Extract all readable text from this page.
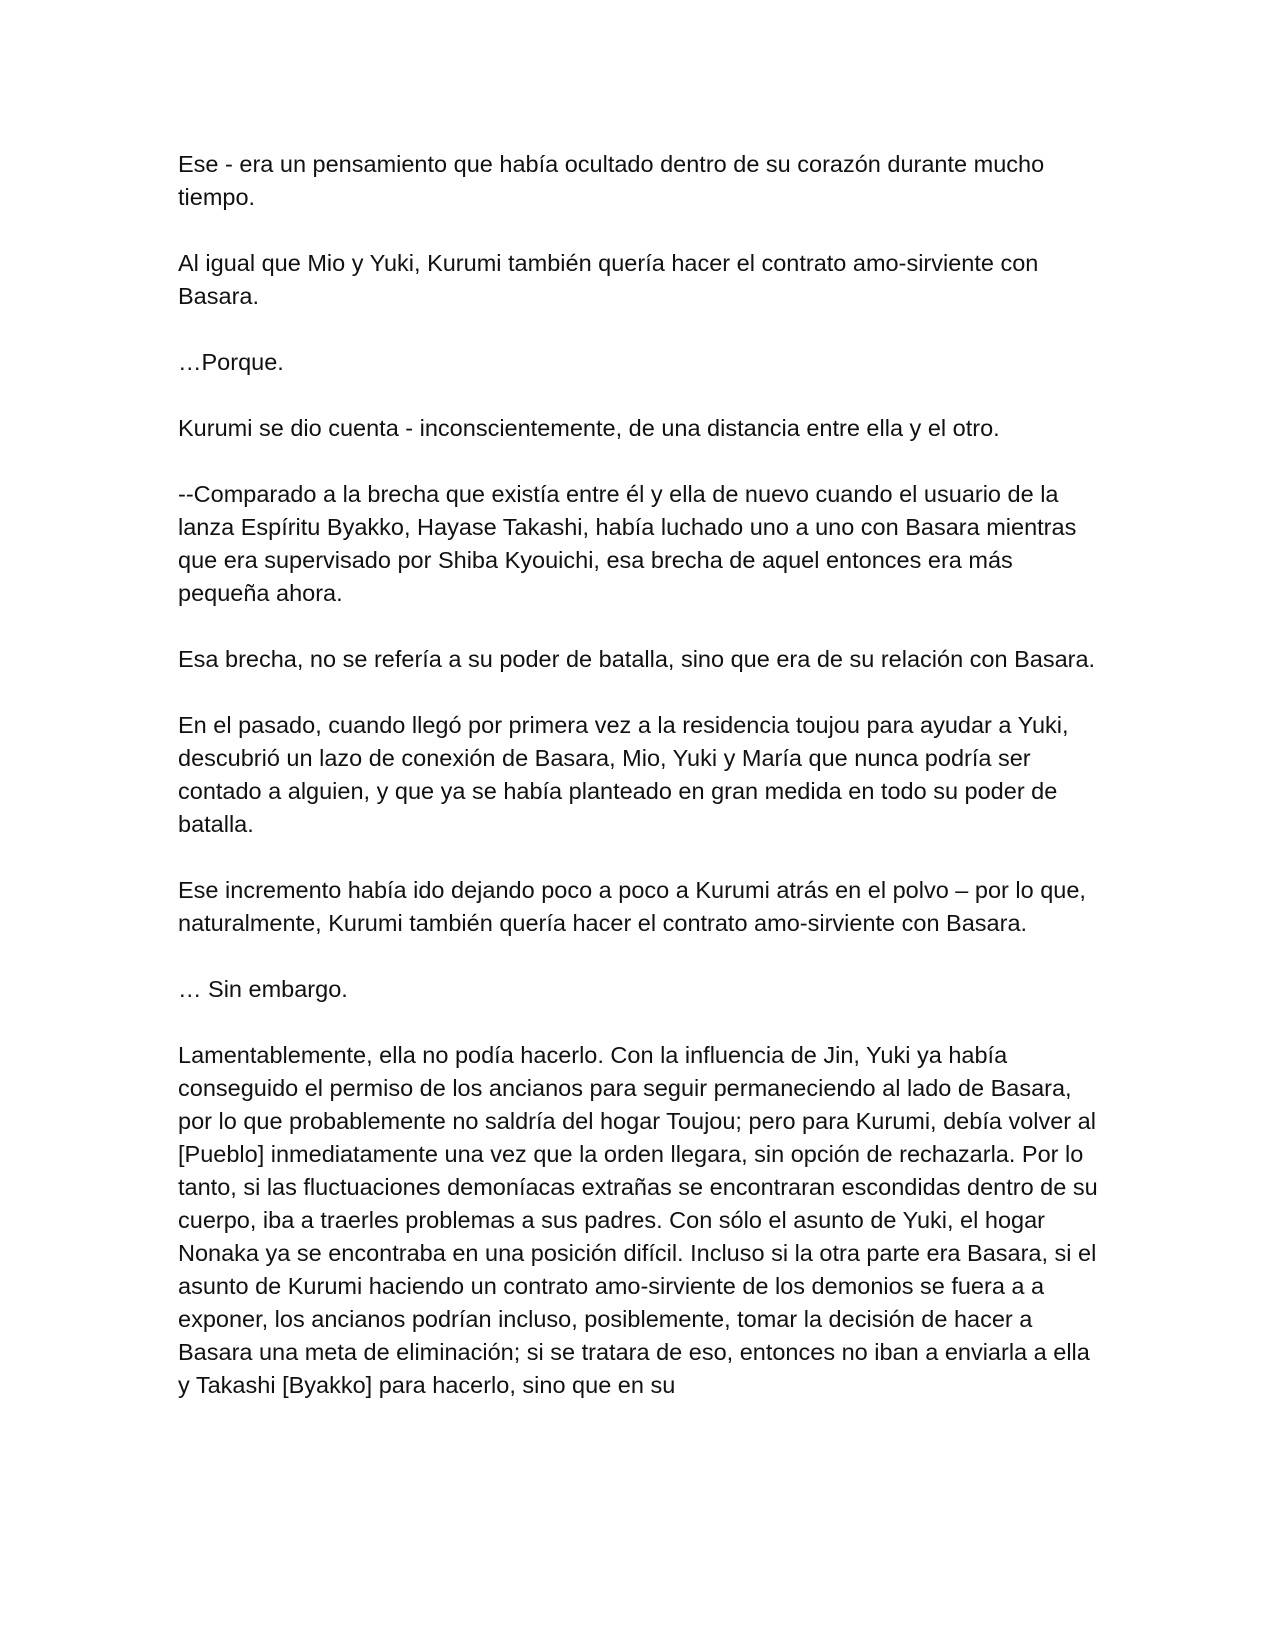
Ese - era un pensamiento que había ocultado dentro de su corazón durante mucho tiempo.

Al igual que Mio y Yuki, Kurumi también quería hacer el contrato amo-sirviente con Basara.

…Porque.

Kurumi se dio cuenta - inconscientemente, de una distancia entre ella y el otro.

--Comparado a la brecha que existía entre él y ella de nuevo cuando el usuario de la lanza Espíritu Byakko, Hayase Takashi, había luchado uno a uno con Basara mientras que era supervisado por Shiba Kyouichi, esa brecha de aquel entonces era más pequeña ahora.

Esa brecha, no se refería a su poder de batalla, sino que era de su relación con Basara.

En el pasado, cuando llegó por primera vez a la residencia toujou para ayudar a Yuki, descubrió un lazo de conexión de Basara, Mio, Yuki y María que nunca podría ser contado a alguien, y que ya se había planteado en gran medida en todo su poder de batalla.

Ese incremento había ido dejando poco a poco a Kurumi atrás en el polvo – por lo que, naturalmente, Kurumi también quería hacer el contrato amo-sirviente con Basara.

… Sin embargo.

Lamentablemente, ella no podía hacerlo. Con la influencia de Jin, Yuki ya había conseguido el permiso de los ancianos para seguir permaneciendo al lado de Basara, por lo que probablemente no saldría del hogar Toujou; pero para Kurumi, debía volver al [Pueblo] inmediatamente una vez que la orden llegara, sin opción de rechazarla. Por lo tanto, si las fluctuaciones demoníacas extrañas se encontraran escondidas dentro de su cuerpo, iba a traerles problemas a sus padres. Con sólo el asunto de Yuki, el hogar Nonaka ya se encontraba en una posición difícil. Incluso si la otra parte era Basara, si el asunto de Kurumi haciendo un contrato amo-sirviente de los demonios se fuera a a exponer, los ancianos podrían incluso, posiblemente, tomar la decisión de hacer a Basara una meta de eliminación; si se tratara de eso, entonces no iban a enviarla a ella y Takashi [Byakko] para hacerlo, sino que en su
